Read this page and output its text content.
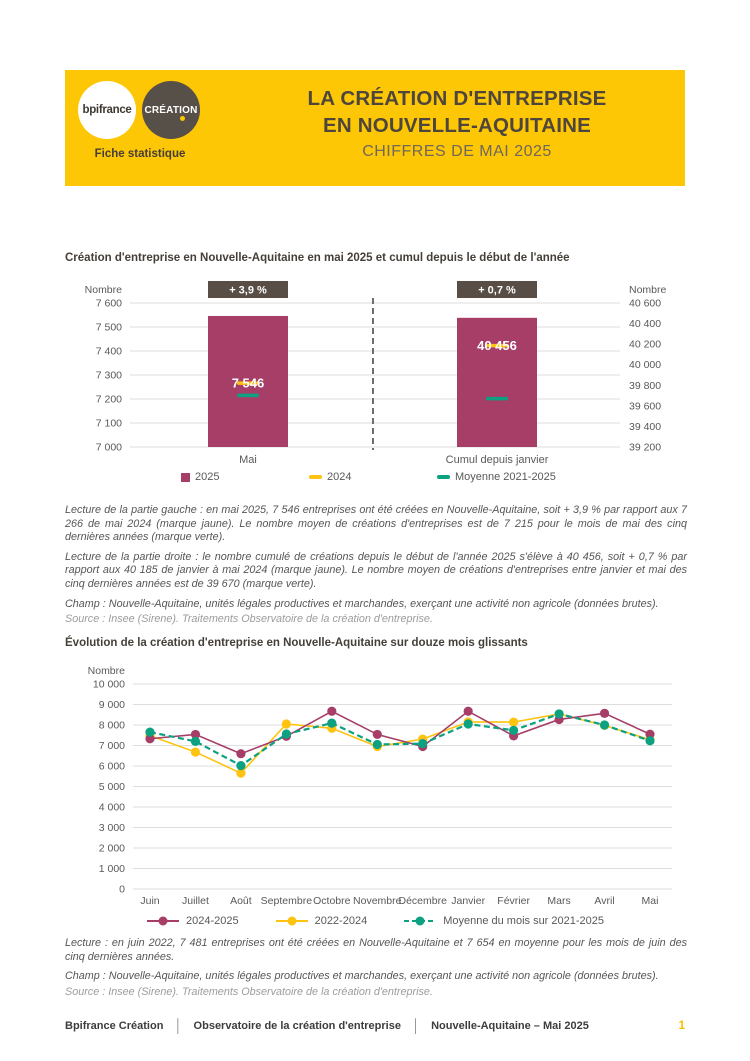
bpifrance CRÉATION
Fiche statistique
LA CRÉATION D'ENTREPRISE
EN NOUVELLE-AQUITAINE
CHIFFRES DE MAI 2025
Création d'entreprise en Nouvelle-Aquitaine en mai 2025 et cumul depuis le début de l'année
7 000
7 100
7 200
7 300
7 400
7 500
7 600
39 200
39 400
39 600
39 800
40 000
40 200
40 400
40 600
Nombre	Nombre
+ 3,9 %
7 546
Mai
+ 0,7 %
40 456
Cumul depuis janvier
2025	2024	Moyenne 2021-2025

Lecture de la partie gauche : en mai 2025, 7 546 entreprises ont été créées en Nouvelle-Aquitaine, soit + 3,9 % par rapport aux 7 266 de mai 2024 (marque jaune). Le nombre moyen de créations d'entreprises est de 7 215 pour le mois de mai des cinq dernières années (marque verte).

Lecture de la partie droite : le nombre cumulé de créations depuis le début de l'année 2025 s'élève à 40 456, soit + 0,7 % par rapport aux 40 185 de janvier à mai 2024 (marque jaune). Le nombre moyen de créations d'entreprises entre janvier et mai des cinq dernières années est de 39 670 (marque verte).

Champ : Nouvelle-Aquitaine, unités légales productives et marchandes, exerçant une activité non agricole (données brutes).

Source : Insee (Sirene). Traitements Observatoire de la création d'entreprise.

Évolution de la création d'entreprise en Nouvelle-Aquitaine sur douze mois glissants
10 000
9 000
8 000
7 000
6 000
5 000
4 000
3 000
2 000
1 000
0
Nombre
Juin Juillet Août Septembre Octobre Novembre
Décembre Janvier Février Mars Avril	Mai
2024-2025	2022-2024	Moyenne du mois sur 2021-2025

Lecture : en juin 2022, 7 481 entreprises ont été créées en Nouvelle-Aquitaine et 7 654 en moyenne pour les mois de juin des cinq dernières années.

Champ : Nouvelle-Aquitaine, unités légales productives et marchandes, exerçant une activité non agricole (données brutes).

Source : Insee (Sirene). Traitements Observatoire de la création d'entreprise.

Bpifrance Création │ Observatoire de la création d'entreprise │ Nouvelle-Aquitaine – Mai 2025	1
